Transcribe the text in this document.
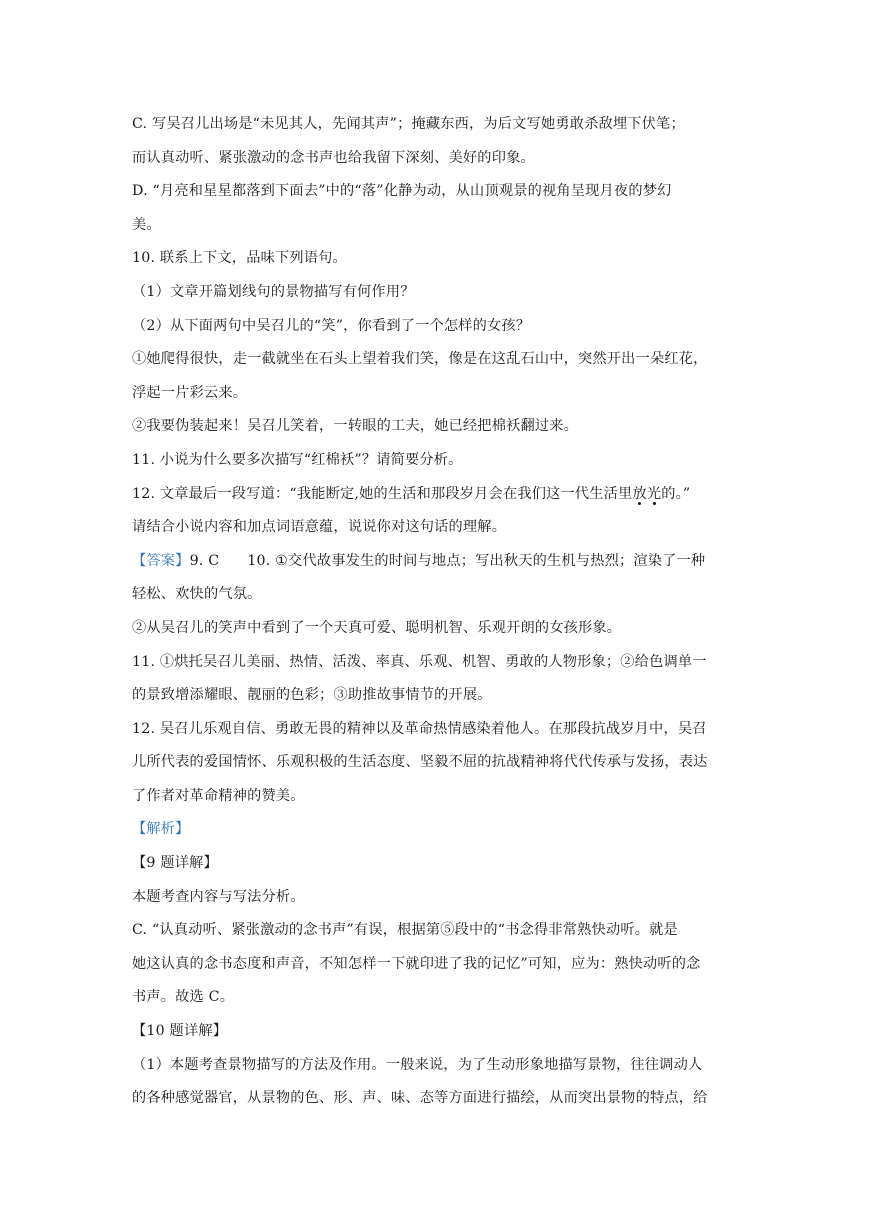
C. 写吴召儿出场是“未见其人，先闻其声”；掩藏东西，为后文写她勇敢杀敌埋下伏笔；
而认真动听、紧张激动的念书声也给我留下深刻、美好的印象。
D. “月亮和星星都落到下面去”中的“落”化静为动，从山顶观景的视角呈现月夜的梦幻
美。
10. 联系上下文，品味下列语句。
（1）文章开篇划线句的景物描写有何作用？
（2）从下面两句中吴召儿的“笑”，你看到了一个怎样的女孩？
①她爬得很快，走一截就坐在石头上望着我们笑，像是在这乱石山中，突然开出一朵红花，
浮起一片彩云来。
②我要伪装起来！吴召儿笑着，一转眼的工夫，她已经把棉袄翻过来。
11. 小说为什么要多次描写“红棉袄”？请简要分析。
12. 文章最后一段写道：“我能断定,她的生活和那段岁月会在我们这一代生活里放光的。”
请结合小说内容和加点词语意蕴，说说你对这句话的理解。
【答案】9. C 10. ①交代故事发生的时间与地点；写出秋天的生机与热烈；渲染了一种
轻松、欢快的气氛。
②从吴召儿的笑声中看到了一个天真可爱、聪明机智、乐观开朗的女孩形象。
11. ①烘托吴召儿美丽、热情、活泼、率真、乐观、机智、勇敢的人物形象；②给色调单一
的景致增添耀眼、靓丽的色彩；③助推故事情节的开展。
12. 吴召儿乐观自信、勇敢无畏的精神以及革命热情感染着他人。在那段抗战岁月中，吴召
儿所代表的爱国情怀、乐观积极的生活态度、坚毅不屈的抗战精神将代代传承与发扬，表达
了作者对革命精神的赞美。
【解析】
【9 题详解】
本题考查内容与写法分析。
C. “认真动听、紧张激动的念书声”有误，根据第⑤段中的“书念得非常熟快动听。就是
她这认真的念书态度和声音，不知怎样一下就印进了我的记忆”可知，应为：熟快动听的念
书声。故选 C。
【10 题详解】
（1）本题考查景物描写的方法及作用。一般来说，为了生动形象地描写景物，往往调动人
的各种感觉器官，从景物的色、形、声、味、态等方面进行描绘，从而突出景物的特点，给
